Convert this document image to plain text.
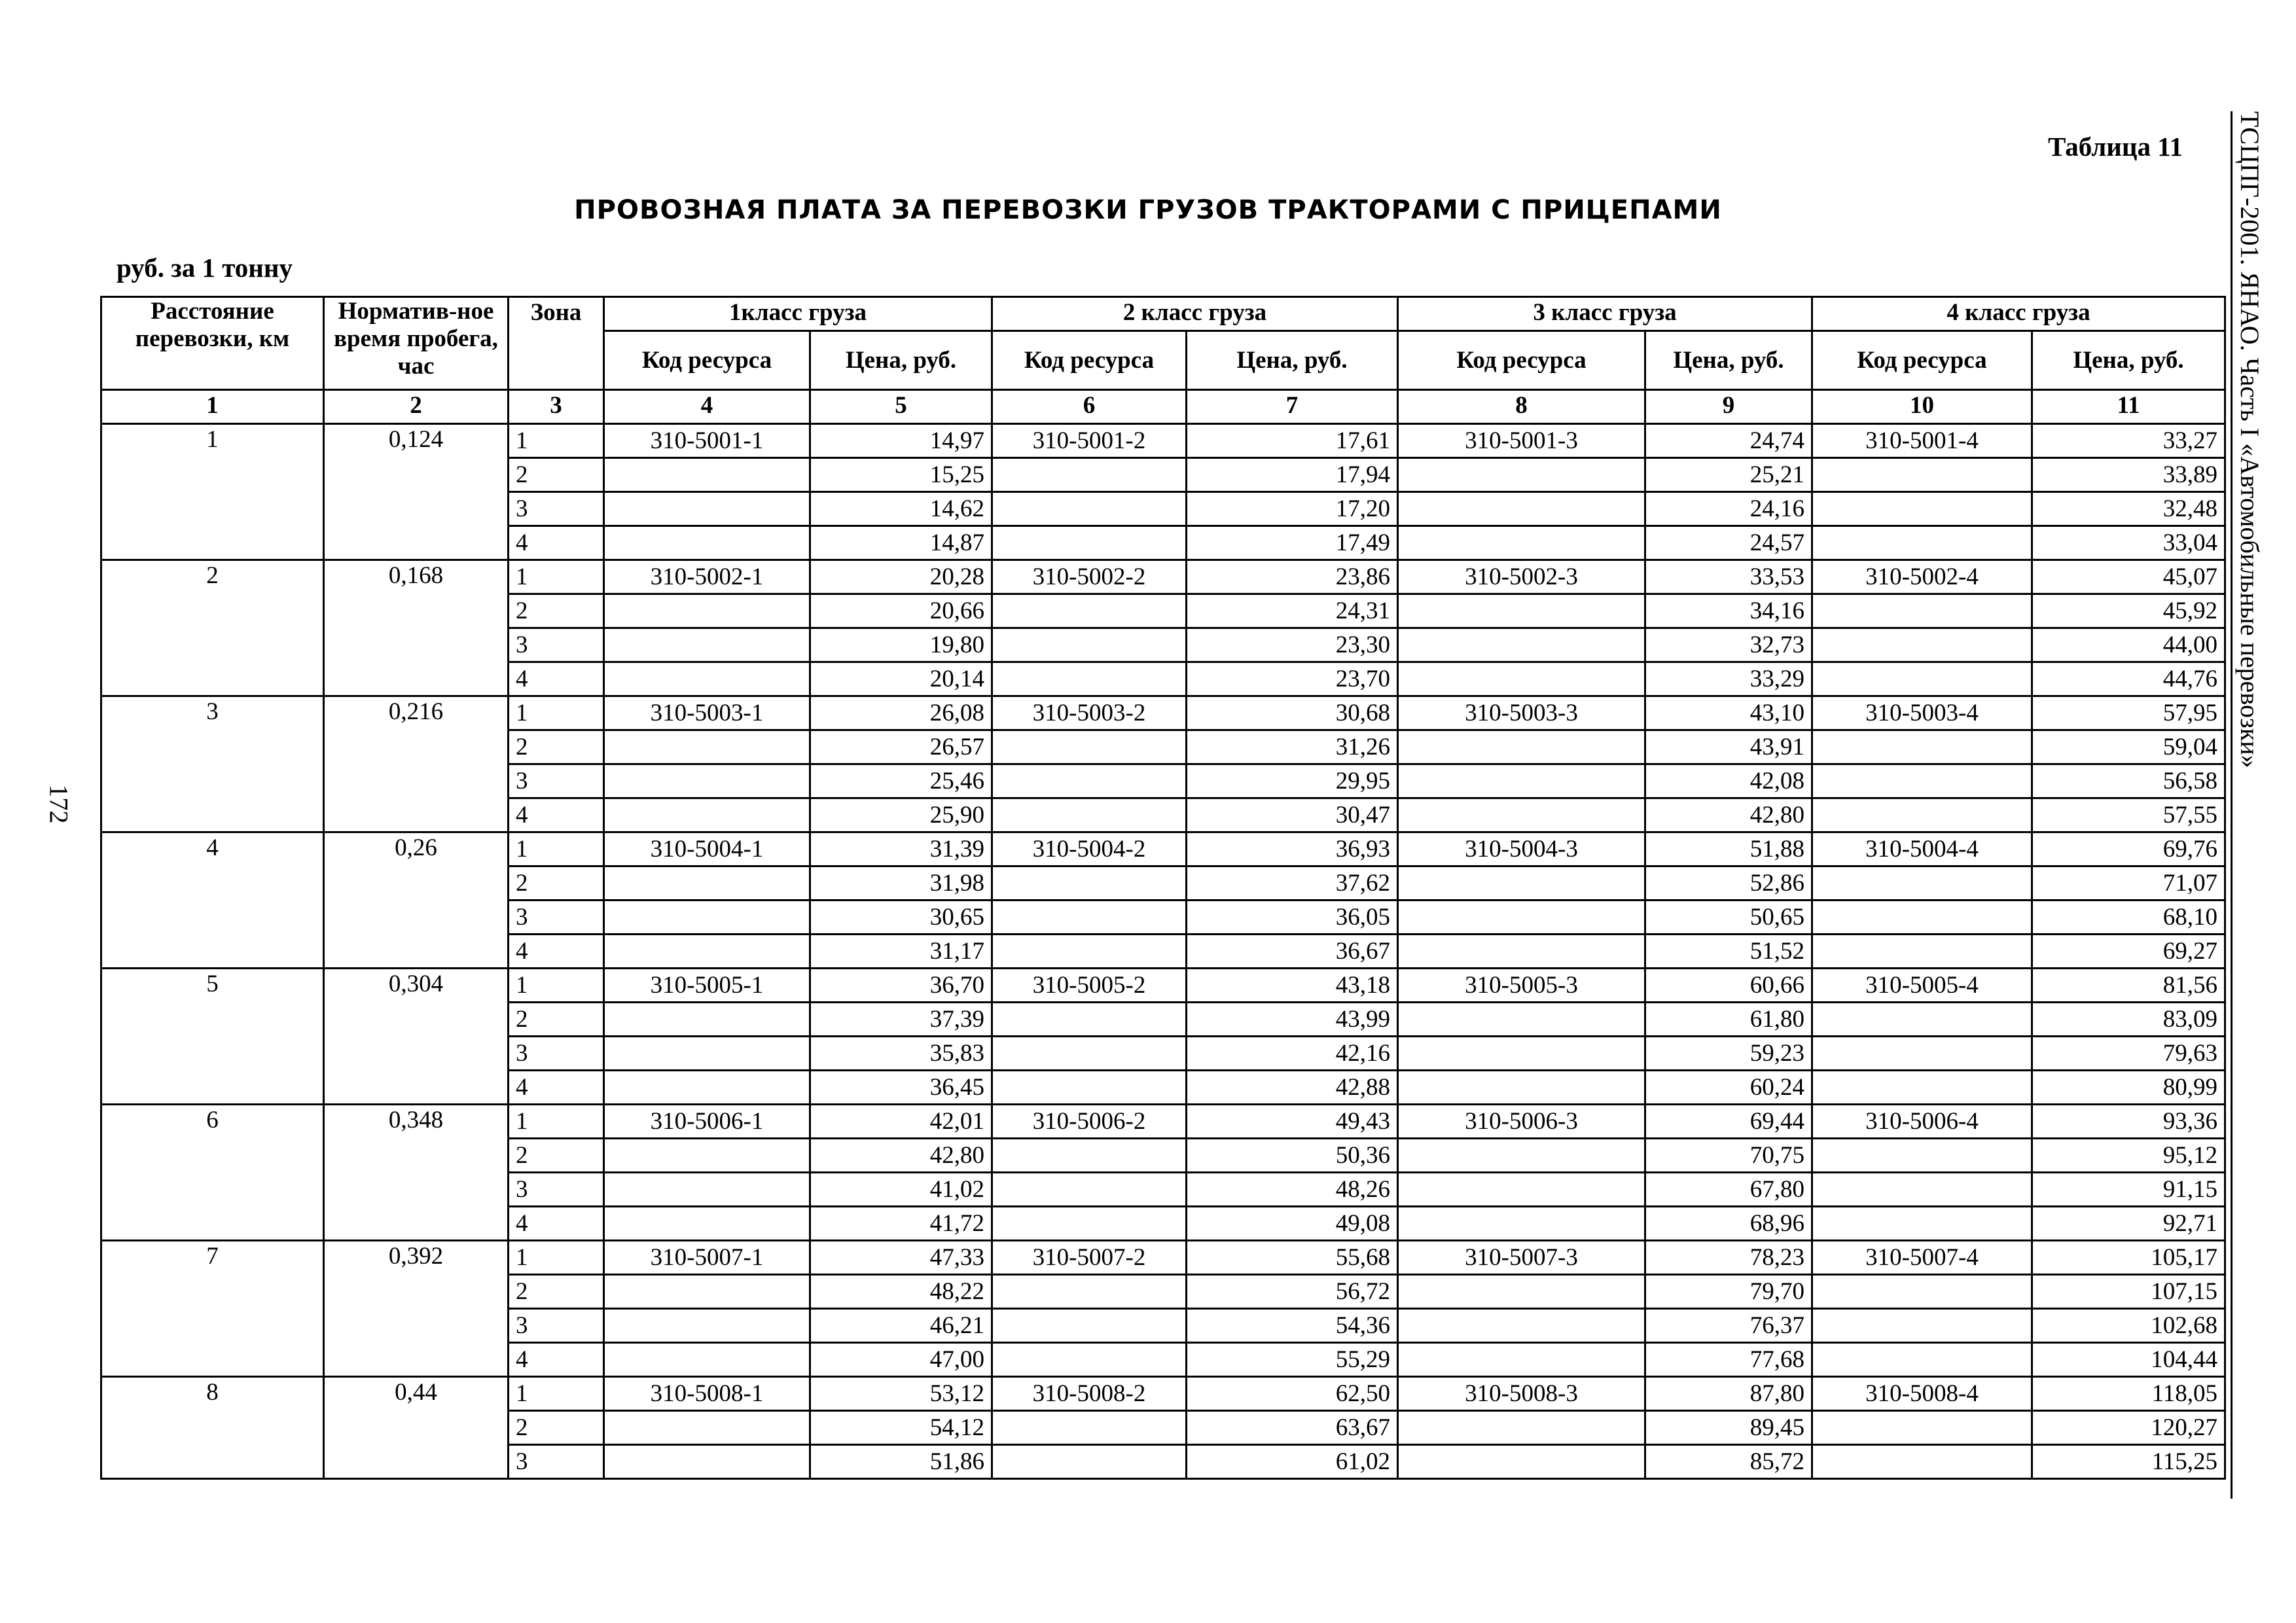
Таблица 11
ПРОВОЗНАЯ ПЛАТА ЗА ПЕРЕВОЗКИ ГРУЗОВ ТРАКТОРАМИ С ПРИЦЕПАМИ
руб. за 1 тонну	ТСЦПГ-2001. ЯНАО. Часть I «Автомобильные перевозки»
172
Расстояние перевозки, км	Норматив-ное время пробега, час	Зона	1класс груза		2 класс груза		3 класс груза		4 класс груза	
			Код ресурса	Цена, руб.	Код ресурса	Цена, руб.	Код ресурса	Цена, руб.	Код ресурса	Цена, руб.
1	2	3	4	5	6	7	8	9	10	11
1	0,124	1	310-5001-1	14,97	310-5001-2	17,61	310-5001-3	24,74	310-5001-4	33,27
		2		15,25		17,94		25,21		33,89
		3		14,62		17,20		24,16		32,48
		4		14,87		17,49		24,57		33,04
2	0,168	1	310-5002-1	20,28	310-5002-2	23,86	310-5002-3	33,53	310-5002-4	45,07
		2		20,66		24,31		34,16		45,92
		3		19,80		23,30		32,73		44,00
		4		20,14		23,70		33,29		44,76
3	0,216	1	310-5003-1	26,08	310-5003-2	30,68	310-5003-3	43,10	310-5003-4	57,95
		2		26,57		31,26		43,91		59,04
		3		25,46		29,95		42,08		56,58
		4		25,90		30,47		42,80		57,55
4	0,26	1	310-5004-1	31,39	310-5004-2	36,93	310-5004-3	51,88	310-5004-4	69,76
		2		31,98		37,62		52,86		71,07
		3		30,65		36,05		50,65		68,10
		4		31,17		36,67		51,52		69,27
5	0,304	1	310-5005-1	36,70	310-5005-2	43,18	310-5005-3	60,66	310-5005-4	81,56
		2		37,39		43,99		61,80		83,09
		3		35,83		42,16		59,23		79,63
		4		36,45		42,88		60,24		80,99
6	0,348	1	310-5006-1	42,01	310-5006-2	49,43	310-5006-3	69,44	310-5006-4	93,36
		2		42,80		50,36		70,75		95,12
		3		41,02		48,26		67,80		91,15
		4		41,72		49,08		68,96		92,71
7	0,392	1	310-5007-1	47,33	310-5007-2	55,68	310-5007-3	78,23	310-5007-4	105,17
		2		48,22		56,72		79,70		107,15
		3		46,21		54,36		76,37		102,68
		4		47,00		55,29		77,68		104,44
8	0,44	1	310-5008-1	53,12	310-5008-2	62,50	310-5008-3	87,80	310-5008-4	118,05
		2		54,12		63,67		89,45		120,27
		3		51,86		61,02		85,72		115,25
